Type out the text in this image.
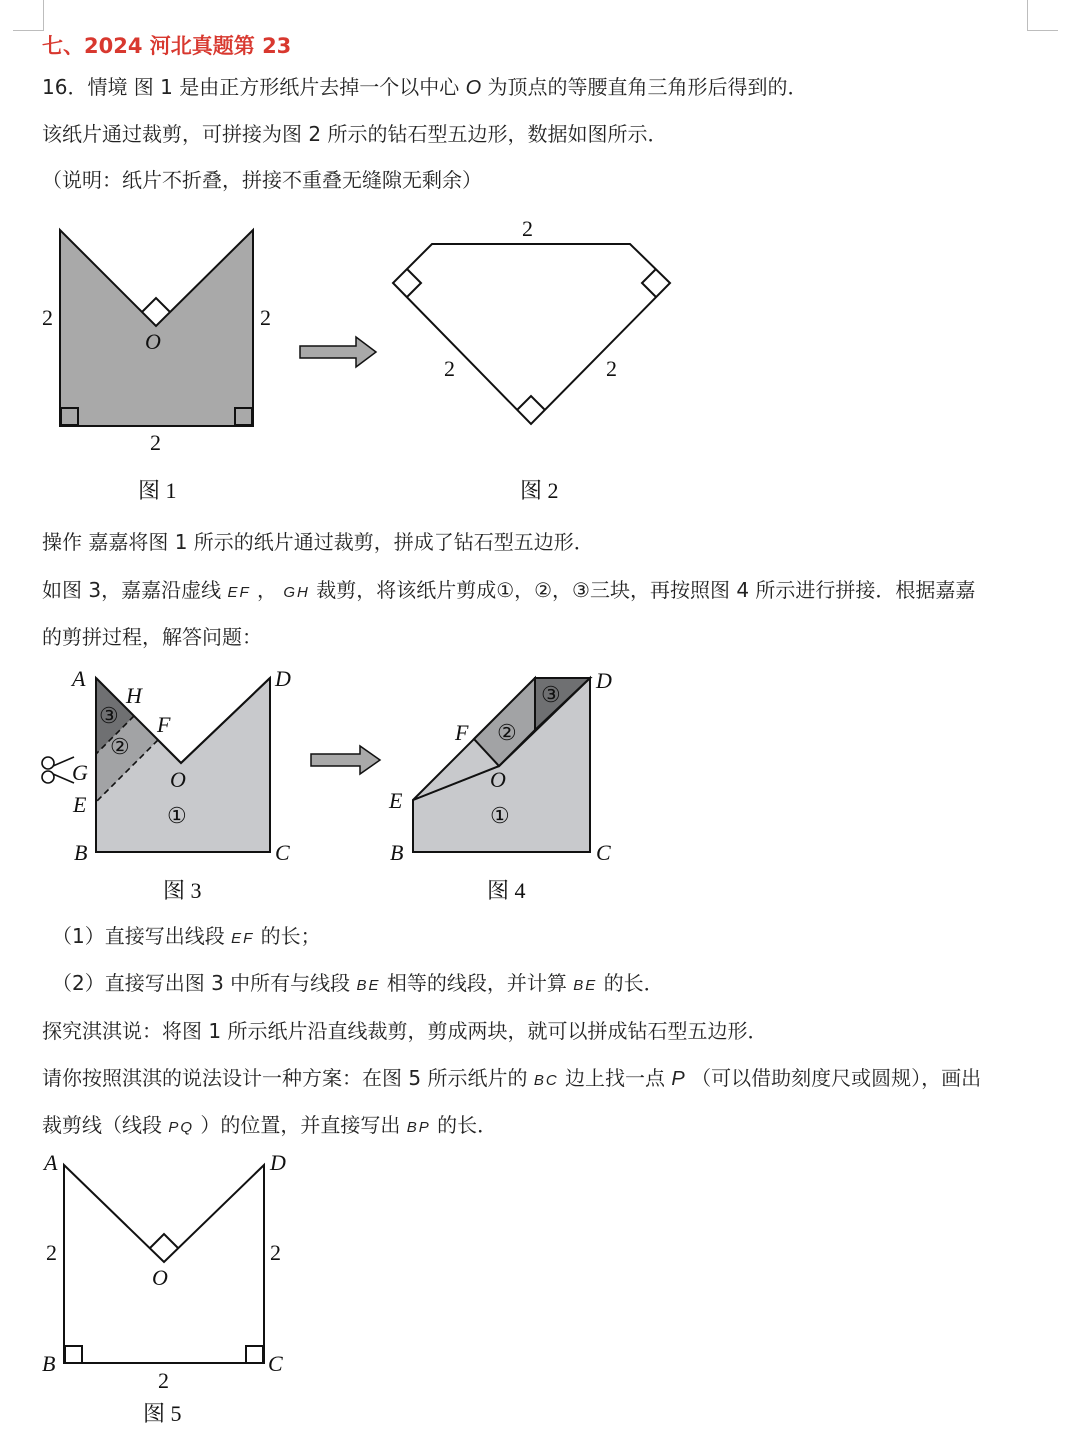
七、2024 河北真题第 23
16．情境 图 1 是由正方形纸片去掉一个以中心 O 为顶点的等腰直角三角形后得到的．
该纸片通过裁剪，可拼接为图 2 所示的钻石型五边形，数据如图所示．
（说明：纸片不折叠，拼接不重叠无缝隙无剩余）
2	2
2
O
图 1
2
2	2
图 2
操作 嘉嘉将图 1 所示的纸片通过裁剪，拼成了钻石型五边形．
如图 3，嘉嘉沿虚线 EF ， GH 裁剪，将该纸片剪成①，②，③三块，再按照图 4 所示进行拼接．根据嘉嘉
的剪拼过程，解答问题：
A
H
F
G
E
B	C
D
O
①
②
③
图 3
F
D
E
B	C
O
①
②
③
图 4
（1）直接写出线段 EF 的长；
（2）直接写出图 3 中所有与线段 BE 相等的线段，并计算 BE 的长．
探究淇淇说：将图 1 所示纸片沿直线裁剪，剪成两块，就可以拼成钻石型五边形．
请你按照淇淇的说法设计一种方案：在图 5 所示纸片的 BC 边上找一点 P （可以借助刻度尺或圆规），画出
裁剪线（线段 PQ ）的位置，并直接写出 BP 的长．
A	D
B	C
O
2	2
2
图 5
